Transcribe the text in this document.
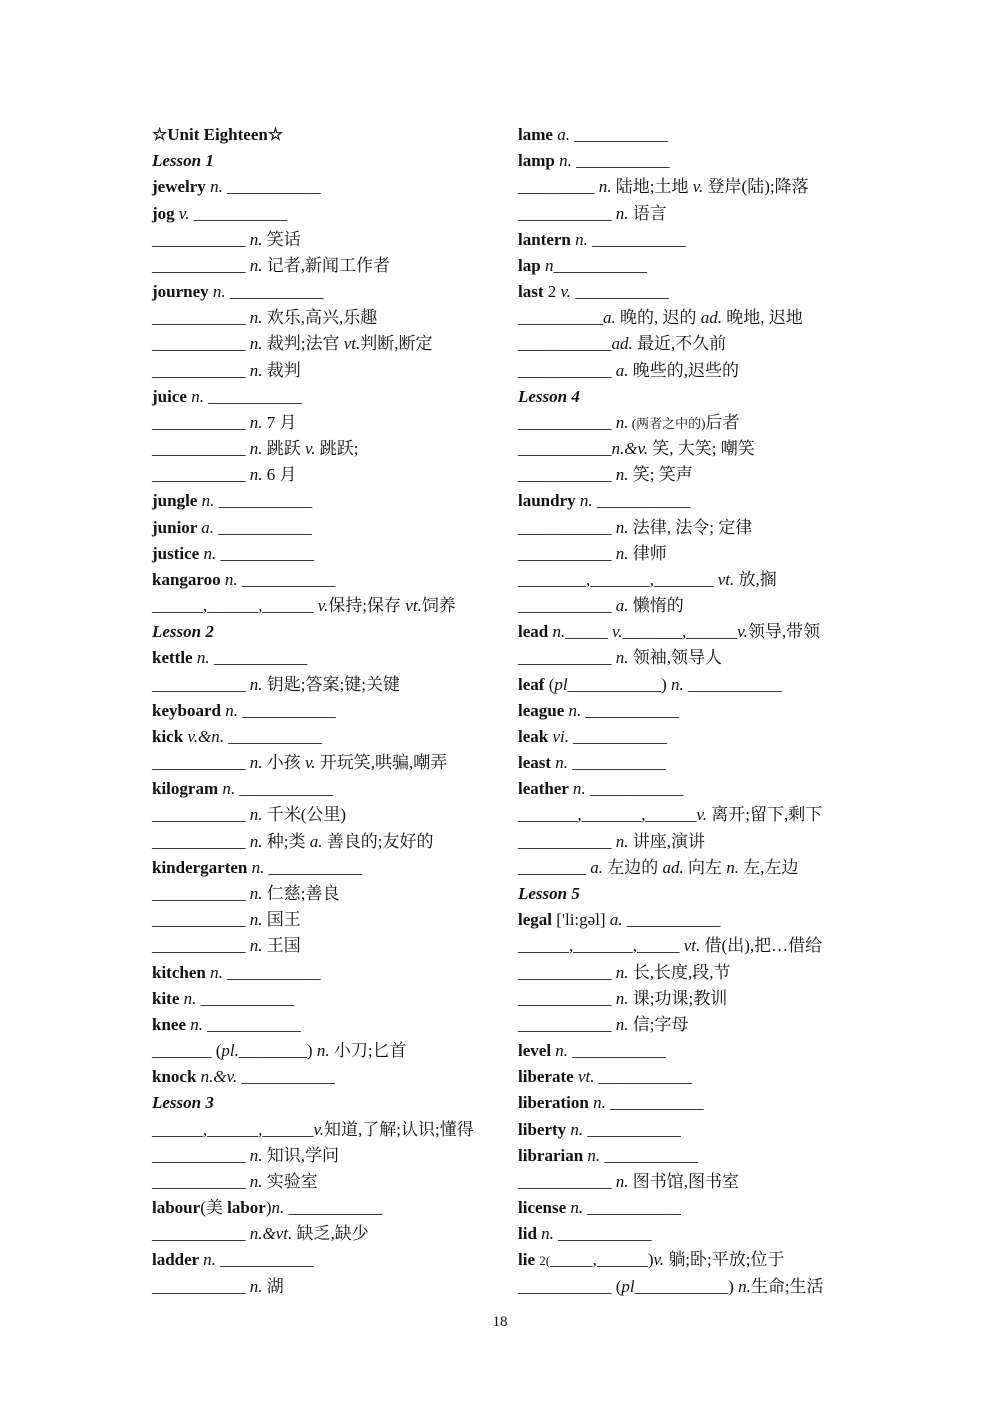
☆Unit Eighteen☆
Lesson 1
jewelry n. ___________
jog v. ___________
___________ n. 笑话
___________ n. 记者,新闻工作者
journey n. ___________
___________ n. 欢乐,高兴,乐趣
___________ n. 裁判;法官 vt.判断,断定
___________ n. 裁判
juice n. ___________
___________ n. 7 月
___________ n. 跳跃 v. 跳跃;
___________ n. 6 月
jungle n. ___________
junior a. ___________
justice n. ___________
kangaroo n. ___________
______,______,______ v.保持;保存 vt.饲养
Lesson 2
kettle n. ___________
___________ n. 钥匙;答案;键;关键
keyboard n. ___________
kick v.&n. ___________
___________ n. 小孩 v. 开玩笑,哄骗,嘲弄
kilogram n. ___________
___________ n. 千米(公里)
___________ n. 种;类 a. 善良的;友好的
kindergarten n. ___________
___________ n. 仁慈;善良
___________ n. 国王
___________ n. 王国
kitchen n. ___________
kite n. ___________
knee n. ___________
_______ (pl.________) n. 小刀;匕首
knock n.&v. ___________
Lesson 3
______,______,______v.知道,了解;认识;懂得
___________ n. 知识,学问
___________ n. 实验室
labour(美 labor)n. ___________
___________ n.&vt. 缺乏,缺少
ladder n. ___________
___________ n. 湖
lame a. ___________
lamp n. ___________
_________ n. 陆地;土地 v. 登岸(陆);降落
___________ n. 语言
lantern n. ___________
lap n___________
last 2 v. ___________
__________a. 晚的, 迟的 ad. 晚地, 迟地
___________ad. 最近,不久前
___________ a. 晚些的,迟些的
Lesson 4
___________ n. (两者之中的)后者
___________n.&v. 笑, 大笑; 嘲笑
___________ n. 笑; 笑声
laundry n. ___________
___________ n. 法律, 法令; 定律
___________ n. 律师
________,_______,_______ vt. 放,搁
___________ a. 懒惰的
lead n._____ v._______,______v.领导,带领
___________ n. 领袖,领导人
leaf (pl___________) n. ___________
league n. ___________
leak vi. ___________
least n. ___________
leather n. ___________
_______,_______,______v. 离开;留下,剩下
___________ n. 讲座,演讲
________ a. 左边的 ad. 向左 n. 左,左边
Lesson 5
legal ['li:gəl] a. ___________
______,_______,_____ vt. 借(出),把…借给
___________ n. 长,长度,段,节
___________ n. 课;功课;教训
___________ n. 信;字母
level n. ___________
liberate vt. ___________
liberation n. ___________
liberty n. ___________
librarian n. ___________
___________ n. 图书馆,图书室
license n. ___________
lid n. ___________
lie 2(_____,______)v. 躺;卧;平放;位于
___________ (pl___________) n.生命;生活
18
